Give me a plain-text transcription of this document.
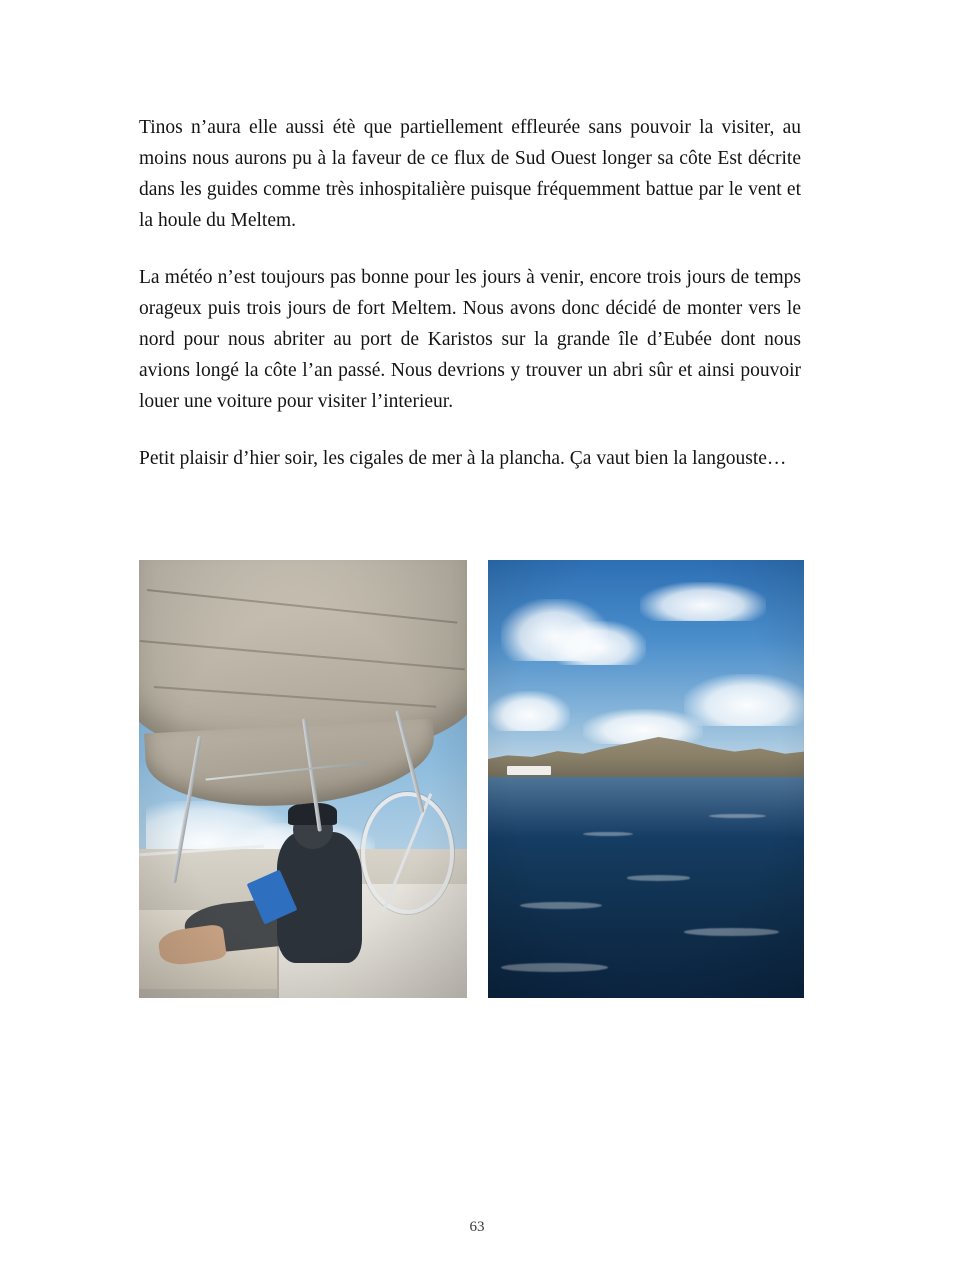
Tinos n’aura elle aussi étè que partiellement effleurée sans pouvoir la visiter, au moins nous aurons pu à la faveur de ce flux de Sud Ouest longer sa côte Est décrite dans les guides comme très inhospitalière puisque fréquemment battue par le vent et la houle du Meltem.

La météo n’est toujours pas bonne pour les jours à venir, encore trois jours de temps orageux puis trois jours de fort Meltem. Nous avons donc décidé de monter vers le nord pour nous abriter au port de Karistos sur la grande île d’Eubée dont nous avions longé la côte l’an passé. Nous devrions y trouver un abri sûr et ainsi pouvoir louer une voiture pour visiter l’interieur.

Petit plaisir d’hier soir, les cigales de mer à la plancha. Ça vaut bien la langouste…

63
